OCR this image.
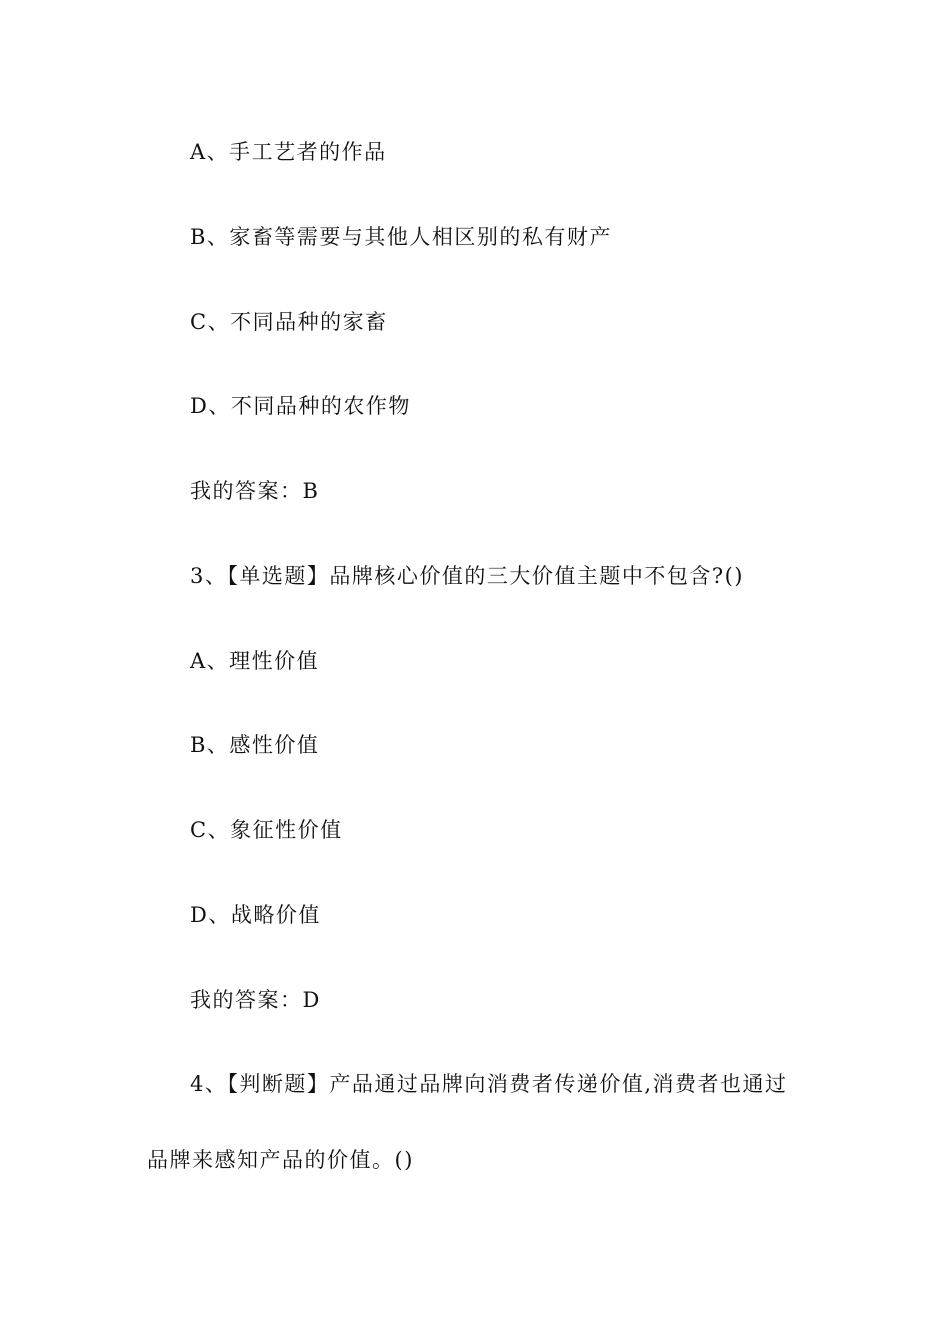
A、手工艺者的作品
B、家畜等需要与其他人相区别的私有财产
C、不同品种的家畜
D、不同品种的农作物
我的答案：B
3、【单选题】品牌核心价值的三大价值主题中不包含?()
A、理性价值
B、感性价值
C、象征性价值
D、战略价值
我的答案：D
4、【判断题】产品通过品牌向消费者传递价值,消费者也通过
品牌来感知产品的价值。()
